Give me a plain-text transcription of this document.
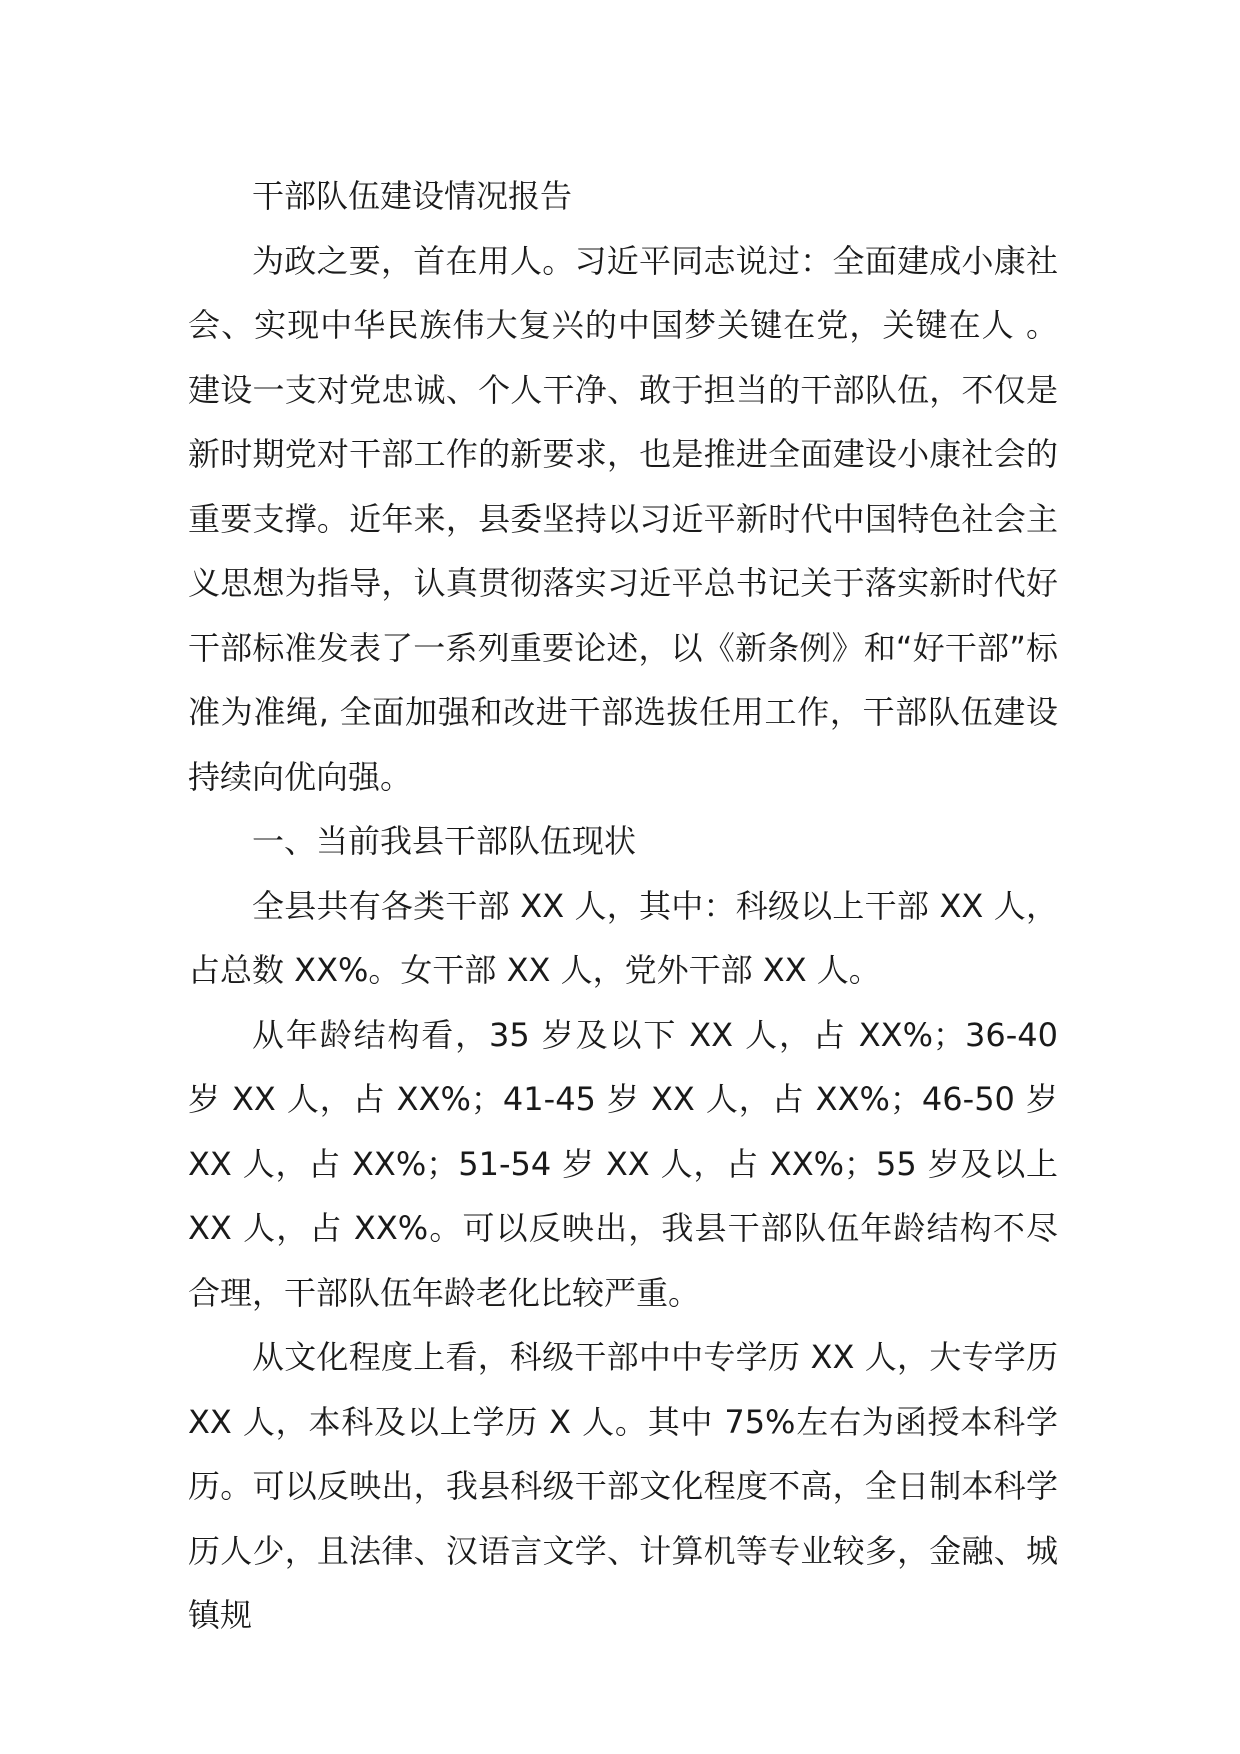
干部队伍建设情况报告

为政之要，首在用人。习近平同志说过：全面建成小康社会、实现中华民族伟大复兴的中国梦关键在党，关键在人 。建设一支对党忠诚、个人干净、敢于担当的干部队伍，不仅是新时期党对干部工作的新要求，也是推进全面建设小康社会的重要支撑。近年来，县委坚持以习近平新时代中国特色社会主义思想为指导，认真贯彻落实习近平总书记关于落实新时代好干部标准发表了一系列重要论述，以《新条例》和“好干部”标准为准绳, 全面加强和改进干部选拔任用工作，干部队伍建设持续向优向强。

一、当前我县干部队伍现状

全县共有各类干部 XX 人，其中：科级以上干部 XX 人，占总数 XX%。女干部 XX 人，党外干部 XX 人。

从年龄结构看，35 岁及以下 XX 人，占 XX%；36-40 岁 XX 人，占 XX%；41-45 岁 XX 人，占 XX%；46-50 岁 XX 人，占 XX%；51-54 岁 XX 人，占 XX%；55 岁及以上 XX 人，占 XX%。可以反映出，我县干部队伍年龄结构不尽合理，干部队伍年龄老化比较严重。

从文化程度上看，科级干部中中专学历 XX 人，大专学历 XX 人，本科及以上学历 X 人。其中 75%左右为函授本科学历。可以反映出，我县科级干部文化程度不高，全日制本科学历人少，且法律、汉语言文学、计算机等专业较多，金融、城镇规
